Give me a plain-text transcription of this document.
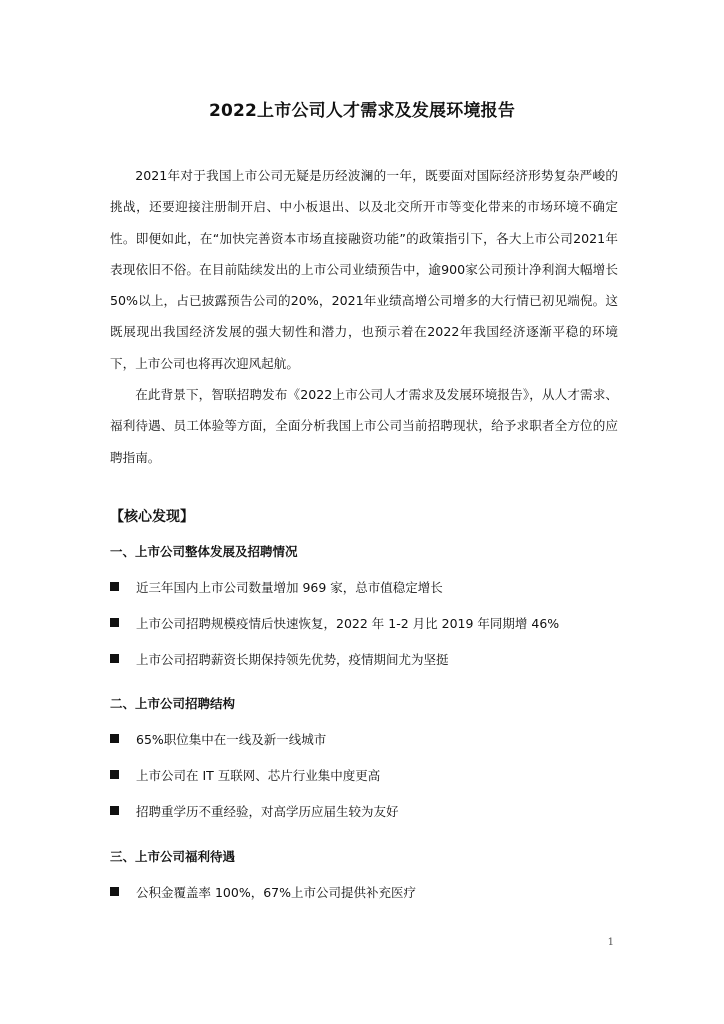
2022上市公司人才需求及发展环境报告

2021年对于我国上市公司无疑是历经波澜的一年，既要面对国际经济形势复杂严峻的挑战，还要迎接注册制开启、中小板退出、以及北交所开市等变化带来的市场环境不确定性。即便如此，在“加快完善资本市场直接融资功能”的政策指引下，各大上市公司2021年表现依旧不俗。在目前陆续发出的上市公司业绩预告中，逾900家公司预计净利润大幅增长50%以上，占已披露预告公司的20%，2021年业绩高增公司增多的大行情已初见端倪。这既展现出我国经济发展的强大韧性和潜力，也预示着在2022年我国经济逐渐平稳的环境下，上市公司也将再次迎风起航。

在此背景下，智联招聘发布《2022上市公司人才需求及发展环境报告》，从人才需求、福利待遇、员工体验等方面，全面分析我国上市公司当前招聘现状，给予求职者全方位的应聘指南。

【核心发现】
一、上市公司整体发展及招聘情况
近三年国内上市公司数量增加 969 家，总市值稳定增长
上市公司招聘规模疫情后快速恢复，2022 年 1-2 月比 2019 年同期增 46%
上市公司招聘薪资长期保持领先优势，疫情期间尤为坚挺
二、上市公司招聘结构
65%职位集中在一线及新一线城市
上市公司在 IT 互联网、芯片行业集中度更高
招聘重学历不重经验，对高学历应届生较为友好
三、上市公司福利待遇
公积金覆盖率 100%，67%上市公司提供补充医疗
1
